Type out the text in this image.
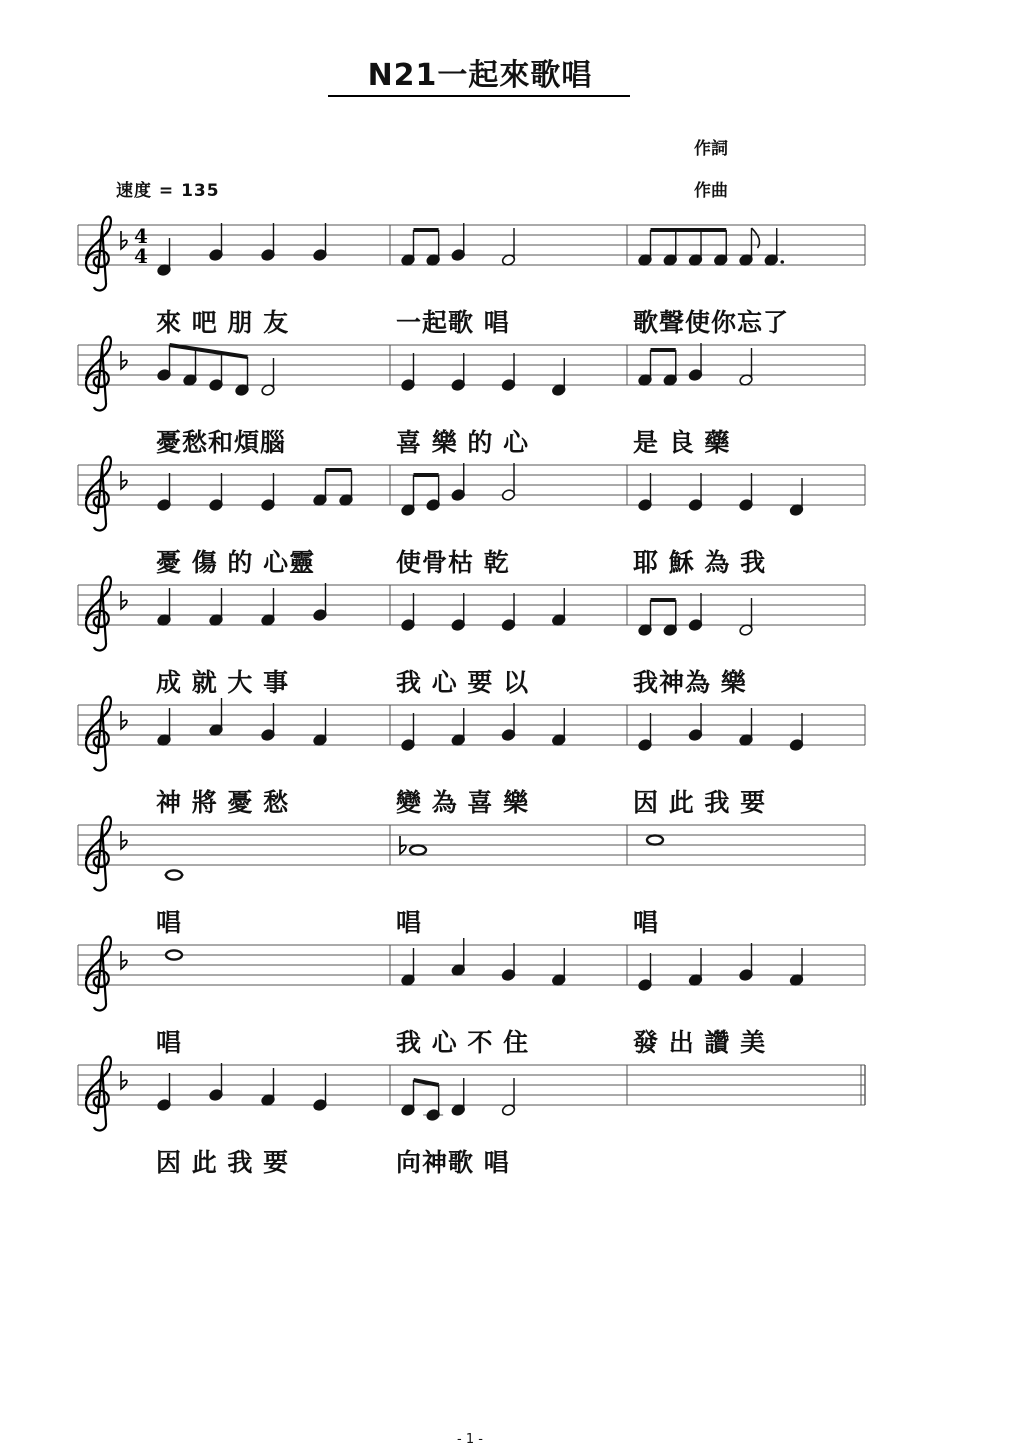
N21一起來歌唱
作詞
作曲
速度 = 135
4
4
來 吧 朋 友	一起歌 唱	歌聲使你忘了
憂愁和煩腦	喜 樂 的 心	是 良 藥
憂 傷 的 心靈	使骨枯 乾	耶 穌 為 我
成 就 大 事	我 心 要 以	我神為 樂
神 將 憂 愁	變 為 喜 樂	因 此 我 要
唱	唱	唱
唱	我 心 不 住	發 出 讚 美
因 此 我 要	向神歌 唱
- 1 -
